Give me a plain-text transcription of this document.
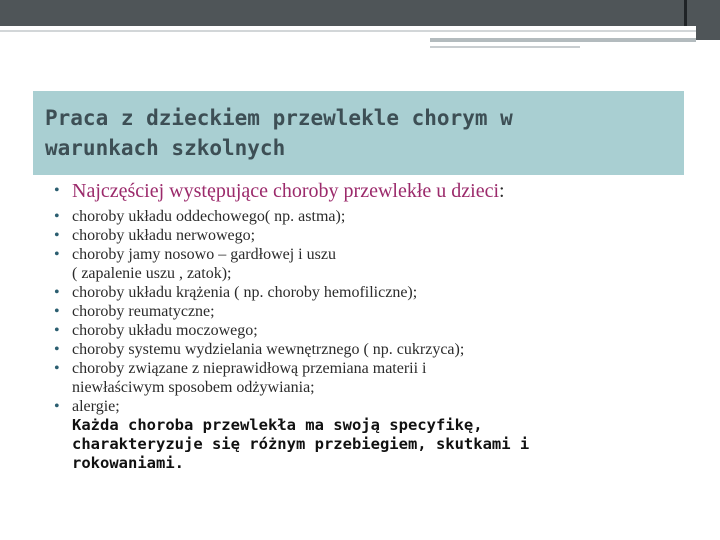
Praca z dzieckiem przewlekle chorym w
warunkach szkolnych

• Najczęściej występujące choroby przewlekłe u dzieci:

• choroby układu oddechowego( np. astma);
• choroby układu nerwowego;
• choroby jamy nosowo – gardłowej i uszu
( zapalenie uszu , zatok);
• choroby układu krążenia ( np. choroby hemofiliczne);
• choroby reumatyczne;
• choroby układu moczowego;
• choroby systemu wydzielania wewnętrznego ( np. cukrzyca);
• choroby związane z nieprawidłową przemiana materii i
niewłaściwym sposobem odżywiania;
• alergie;

Każda choroba przewlekła ma swoją specyfikę,
charakteryzuje się różnym przebiegiem, skutkami i
rokowaniami.
